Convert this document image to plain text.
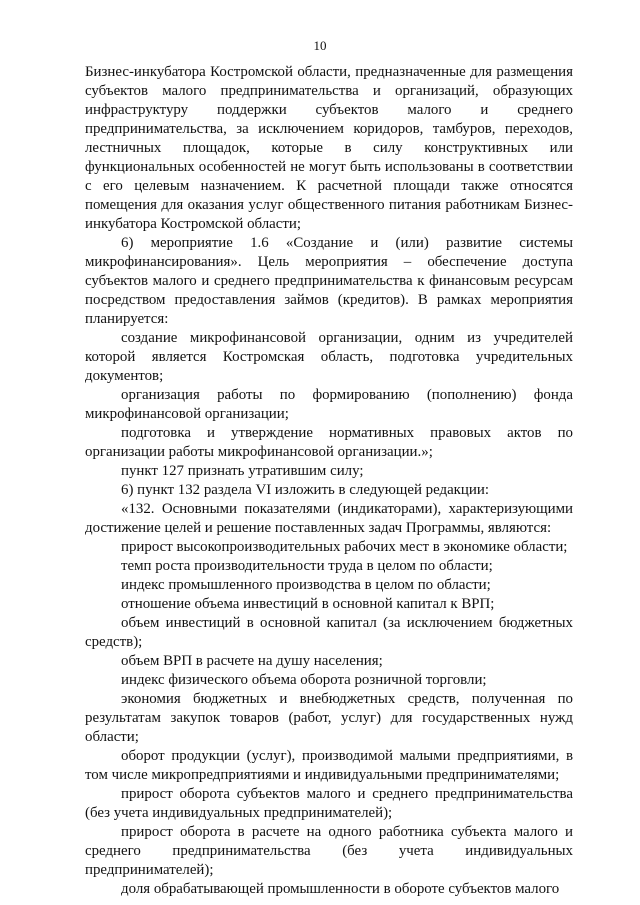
10

Бизнес-инкубатора Костромской области, предназначенные для размещения субъектов малого предпринимательства и организаций, образующих инфраструктуру поддержки субъектов малого и среднего предпринимательства, за исключением коридоров, тамбуров, переходов, лестничных площадок, которые в силу конструктивных или функциональных особенностей не могут быть использованы в соответствии с его целевым назначением. К расчетной площади также относятся помещения для оказания услуг общественного питания работникам Бизнес-инкубатора Костромской области;

6) мероприятие 1.6 «Создание и (или) развитие системы микрофинансирования». Цель мероприятия – обеспечение доступа субъектов малого и среднего предпринимательства к финансовым ресурсам посредством предоставления займов (кредитов). В рамках мероприятия планируется:

создание микрофинансовой организации, одним из учредителей которой является Костромская область, подготовка учредительных документов;

организация работы по формированию (пополнению) фонда микрофинансовой организации;

подготовка и утверждение нормативных правовых актов по организации работы микрофинансовой организации.»;

пункт 127 признать утратившим силу;

6) пункт 132 раздела VI изложить в следующей редакции:

«132. Основными показателями (индикаторами), характеризующими достижение целей и решение поставленных задач Программы, являются:

прирост высокопроизводительных рабочих мест в экономике области;

темп роста производительности труда в целом по области;

индекс промышленного производства в целом по области;

отношение объема инвестиций в основной капитал к ВРП;

объем инвестиций в основной капитал (за исключением бюджетных средств);

объем ВРП в расчете на душу населения;

индекс физического объема оборота розничной торговли;

экономия бюджетных и внебюджетных средств, полученная по результатам закупок товаров (работ, услуг) для государственных нужд области;

оборот продукции (услуг), производимой малыми предприятиями, в том числе микропредприятиями и индивидуальными предпринимателями;

прирост оборота субъектов малого и среднего предпринимательства (без учета индивидуальных предпринимателей);

прирост оборота в расчете на одного работника субъекта малого и среднего предпринимательства (без учета индивидуальных предпринимателей);

доля обрабатывающей промышленности в обороте субъектов малого
